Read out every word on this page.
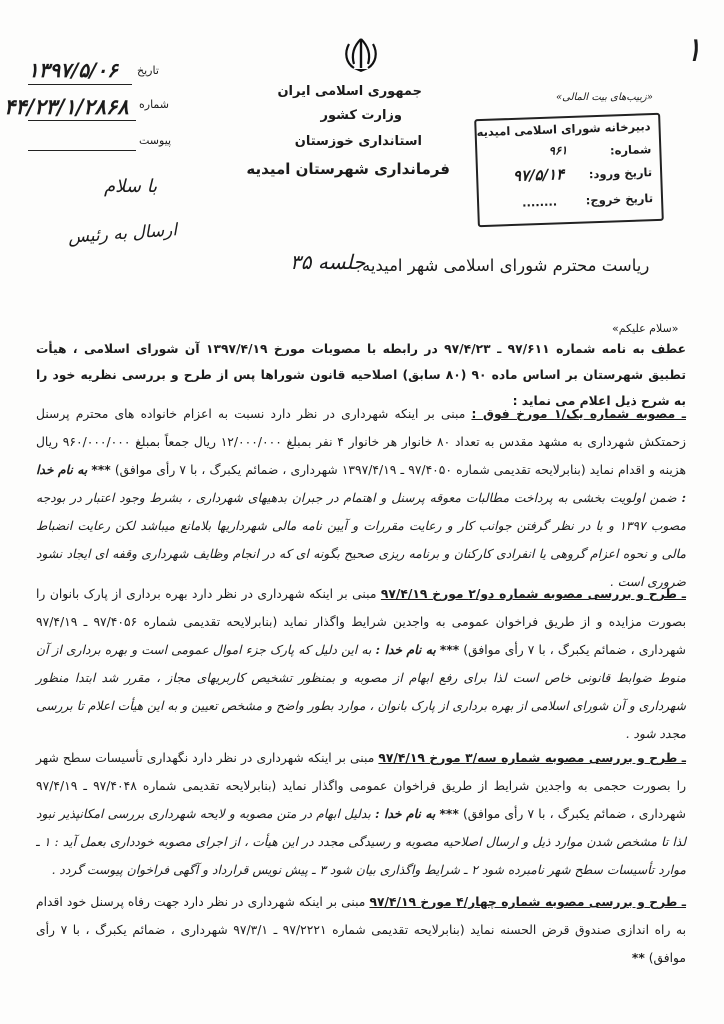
۱
جمهوری اسلامی ایران
وزارت کشور
استانداری خوزستان
فرمانداری شهرستان امیدیه
تاریخ
۱۳۹۷/۵/۰۶
شماره
۴۴/۲۳/۱/۲۸۶۸
پیوست
با سلام
ارسال به رئیس
«زبیب‌های بیت المالی»
دبیرخانه شورای اسلامی امیدیه
شماره:
۹۶۱
تاریخ ورود:
۹۷/۵/۱۴
تاریخ خروج:
........
ریاست محترم شورای اسلامی شهر امیدیه
جلسه ۳۵
«سلام علیکم»
عطف به نامه شماره ۹۷/۶۱۱ ـ ۹۷/۴/۲۳ در رابطه با مصوبات مورخ ۱۳۹۷/۴/۱۹ آن شورای اسلامی ، هیأت تطبیق شهرستان بر اساس ماده ۹۰ (۸۰ سابق) اصلاحیه قانون شوراها پس از طرح و بررسی نظریه خود را به شرح ذیل اعلام می نماید :
ـ مصوبه شماره یک/۱ مورخ فوق : مبنی بر اینکه شهرداری در نظر دارد نسبت به اعزام خانواده های محترم پرسنل زحمتکش شهرداری به مشهد مقدس به تعداد ۸۰ خانوار هر خانوار ۴ نفر بمبلغ ۱۲/۰۰۰/۰۰۰ ریال جمعاً بمبلغ ۹۶۰/۰۰۰/۰۰۰ ریال هزینه و اقدام نماید (بنابرلایحه تقدیمی شماره ۹۷/۴۰۵۰ ـ ۱۳۹۷/۴/۱۹ شهرداری ، ضمائم یکبرگ ، با ۷ رأی موافق) *** به نام خدا : ضمن اولویت بخشی به پرداخت مطالبات معوقه پرسنل و اهتمام در جبران بدهیهای شهرداری ، بشرط وجود اعتبار در بودجه مصوب ۱۳۹۷ و با در نظر گرفتن جوانب کار و رعایت مقررات و آیین نامه مالی شهرداریها بلامانع میباشد لکن رعایت انضباط مالی و نحوه اعزام گروهی یا انفرادی کارکنان و برنامه ریزی صحیح بگونه ای که در انجام وظایف شهرداری وقفه ای ایجاد نشود ضروری است .
ـ طرح و بررسی مصوبه شماره دو/۲ مورخ ۹۷/۴/۱۹ مبنی بر اینکه شهرداری در نظر دارد بهره برداری از پارک بانوان را بصورت مزایده و از طریق فراخوان عمومی به واجدین شرایط واگذار نماید (بنابرلایحه تقدیمی شماره ۹۷/۴۰۵۶ ـ ۹۷/۴/۱۹ شهرداری ، ضمائم یکبرگ ، با ۷ رأی موافق) *** به نام خدا : به این دلیل که پارک جزء اموال عمومی است و بهره برداری از آن منوط ضوابط قانونی خاص است لذا برای رفع ابهام از مصوبه و بمنظور تشخیص کاربریهای مجاز ، مقرر شد ابتدا منظور شهرداری و آن شورای اسلامی از بهره برداری از پارک بانوان ، موارد بطور واضح و مشخص تعیین و به این هیأت اعلام تا بررسی مجدد شود .
ـ طرح و بررسی مصوبه شماره سه/۳ مورخ ۹۷/۴/۱۹ مبنی بر اینکه شهرداری در نظر دارد نگهداری تأسیسات سطح شهر را بصورت حجمی به واجدین شرایط از طریق فراخوان عمومی واگذار نماید (بنابرلایحه تقدیمی شماره ۹۷/۴۰۴۸ ـ ۹۷/۴/۱۹ شهرداری ، ضمائم یکبرگ ، با ۷ رأی موافق) *** به نام خدا : بدلیل ابهام در متن مصوبه و لایحه شهرداری بررسی امکانپذیر نبود لذا تا مشخص شدن موارد ذیل و ارسال اصلاحیه مصوبه و رسیدگی مجدد در این هیأت ، از اجرای مصوبه خودداری بعمل آید : ۱ ـ موارد تأسیسات سطح شهر نامبرده شود ۲ ـ شرایط واگذاری بیان شود ۳ ـ پیش نویس قرارداد و آگهی فراخوان پیوست گردد .
ـ طرح و بررسی مصوبه شماره چهار/۴ مورخ ۹۷/۴/۱۹ مبنی بر اینکه شهرداری در نظر دارد جهت رفاه پرسنل خود اقدام به راه اندازی صندوق قرض الحسنه نماید (بنابرلایحه تقدیمی شماره ۹۷/۲۲۲۱ ـ ۹۷/۳/۱ شهرداری ، ضمائم یکبرگ ، با ۷ رأی موافق) **
